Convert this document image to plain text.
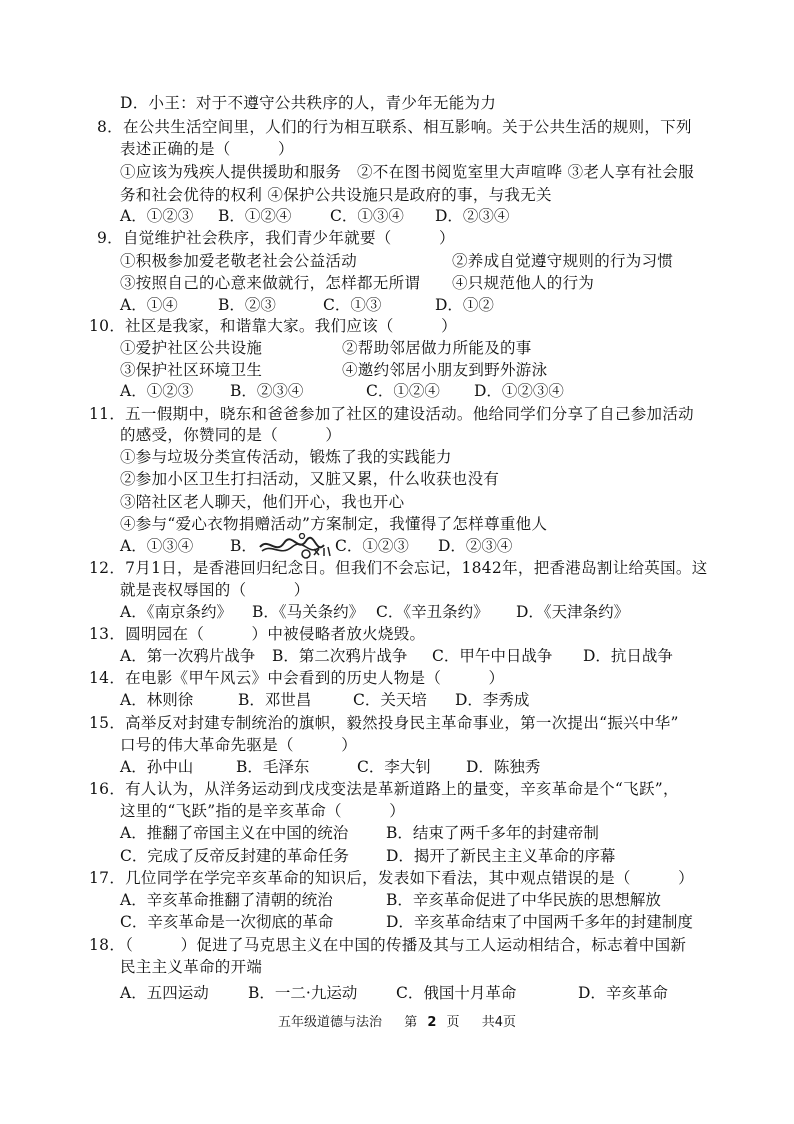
D．小王：对于不遵守公共秩序的人，青少年无能为力
8．在公共生活空间里，人们的行为相互联系、相互影响。关于公共生活的规则，下列
表述正确的是（　　　）
①应该为残疾人提供援助和服务　②不在图书阅览室里大声喧哗 ③老人享有社会服
务和社会优待的权利 ④保护公共设施只是政府的事，与我无关
A．①②③ B．①②④ C．①③④ D．②③④
9．自觉维护社会秩序，我们青少年就要（　　　）
①积极参加爱老敬老社会公益活动	②养成自觉遵守规则的行为习惯
③按照自己的心意来做就行，怎样都无所谓 ④只规范他人的行为
A．①④	B．②③	C．①③	D．①②
10．社区是我家，和谐靠大家。我们应该（　　　）
①爱护社区公共设施	②帮助邻居做力所能及的事
③保护社区环境卫生	④邀约邻居小朋友到野外游泳
A．①②③ B．②③④	C．①②④ D．①②③④
11．五一假期中，晓东和爸爸参加了社区的建设活动。他给同学们分享了自己参加活动
的感受，你赞同的是（　　　）
①参与垃圾分类宣传活动，锻炼了我的实践能力
②参加小区卫生打扫活动，又脏又累，什么收获也没有
③陪社区老人聊天，他们开心，我也开心
④参与“爱心衣物捐赠活动”方案制定，我懂得了怎样尊重他人
A．①③④ B．	C．①②③ D．②③④
12．7月1日，是香港回归纪念日。但我们不会忘记，1842年，把香港岛割让给英国。这
就是丧权辱国的（　　　）
A．《南京条约》 B．《马关条约》 C．《辛丑条约》 D．《天津条约》
13．圆明园在（　　　）中被侵略者放火烧毁。
A．第一次鸦片战争 B．第二次鸦片战争 C．甲午中日战争 D．抗日战争
14．在电影《甲午风云》中会看到的历史人物是（　　　）
A．林则徐	B．邓世昌	C．关天培 D．李秀成
15．高举反对封建专制统治的旗帜，毅然投身民主革命事业，第一次提出“振兴中华”
口号的伟大革命先驱是（　　　）
A．孙中山	B．毛泽东	C．李大钊 D．陈独秀
16．有人认为，从洋务运动到戊戌变法是革新道路上的量变，辛亥革命是个“飞跃”，
这里的“飞跃”指的是辛亥革命（　　　）
A．推翻了帝国主义在中国的统治 B．结束了两千多年的封建帝制
C．完成了反帝反封建的革命任务 D．揭开了新民主主义革命的序幕
17．几位同学在学完辛亥革命的知识后，发表如下看法，其中观点错误的是（　　　）
A．辛亥革命推翻了清朝的统治	B．辛亥革命促进了中华民族的思想解放
C．辛亥革命是一次彻底的革命	D．辛亥革命结束了中国两千多年的封建制度
18．（　　　）促进了马克思主义在中国的传播及其与工人运动相结合，标志着中国新
民主主义革命的开端
A．五四运动	B．一二·九运动 C．俄国十月革命	D．辛亥革命
五年级道德与法治 第 2 页 共4页
